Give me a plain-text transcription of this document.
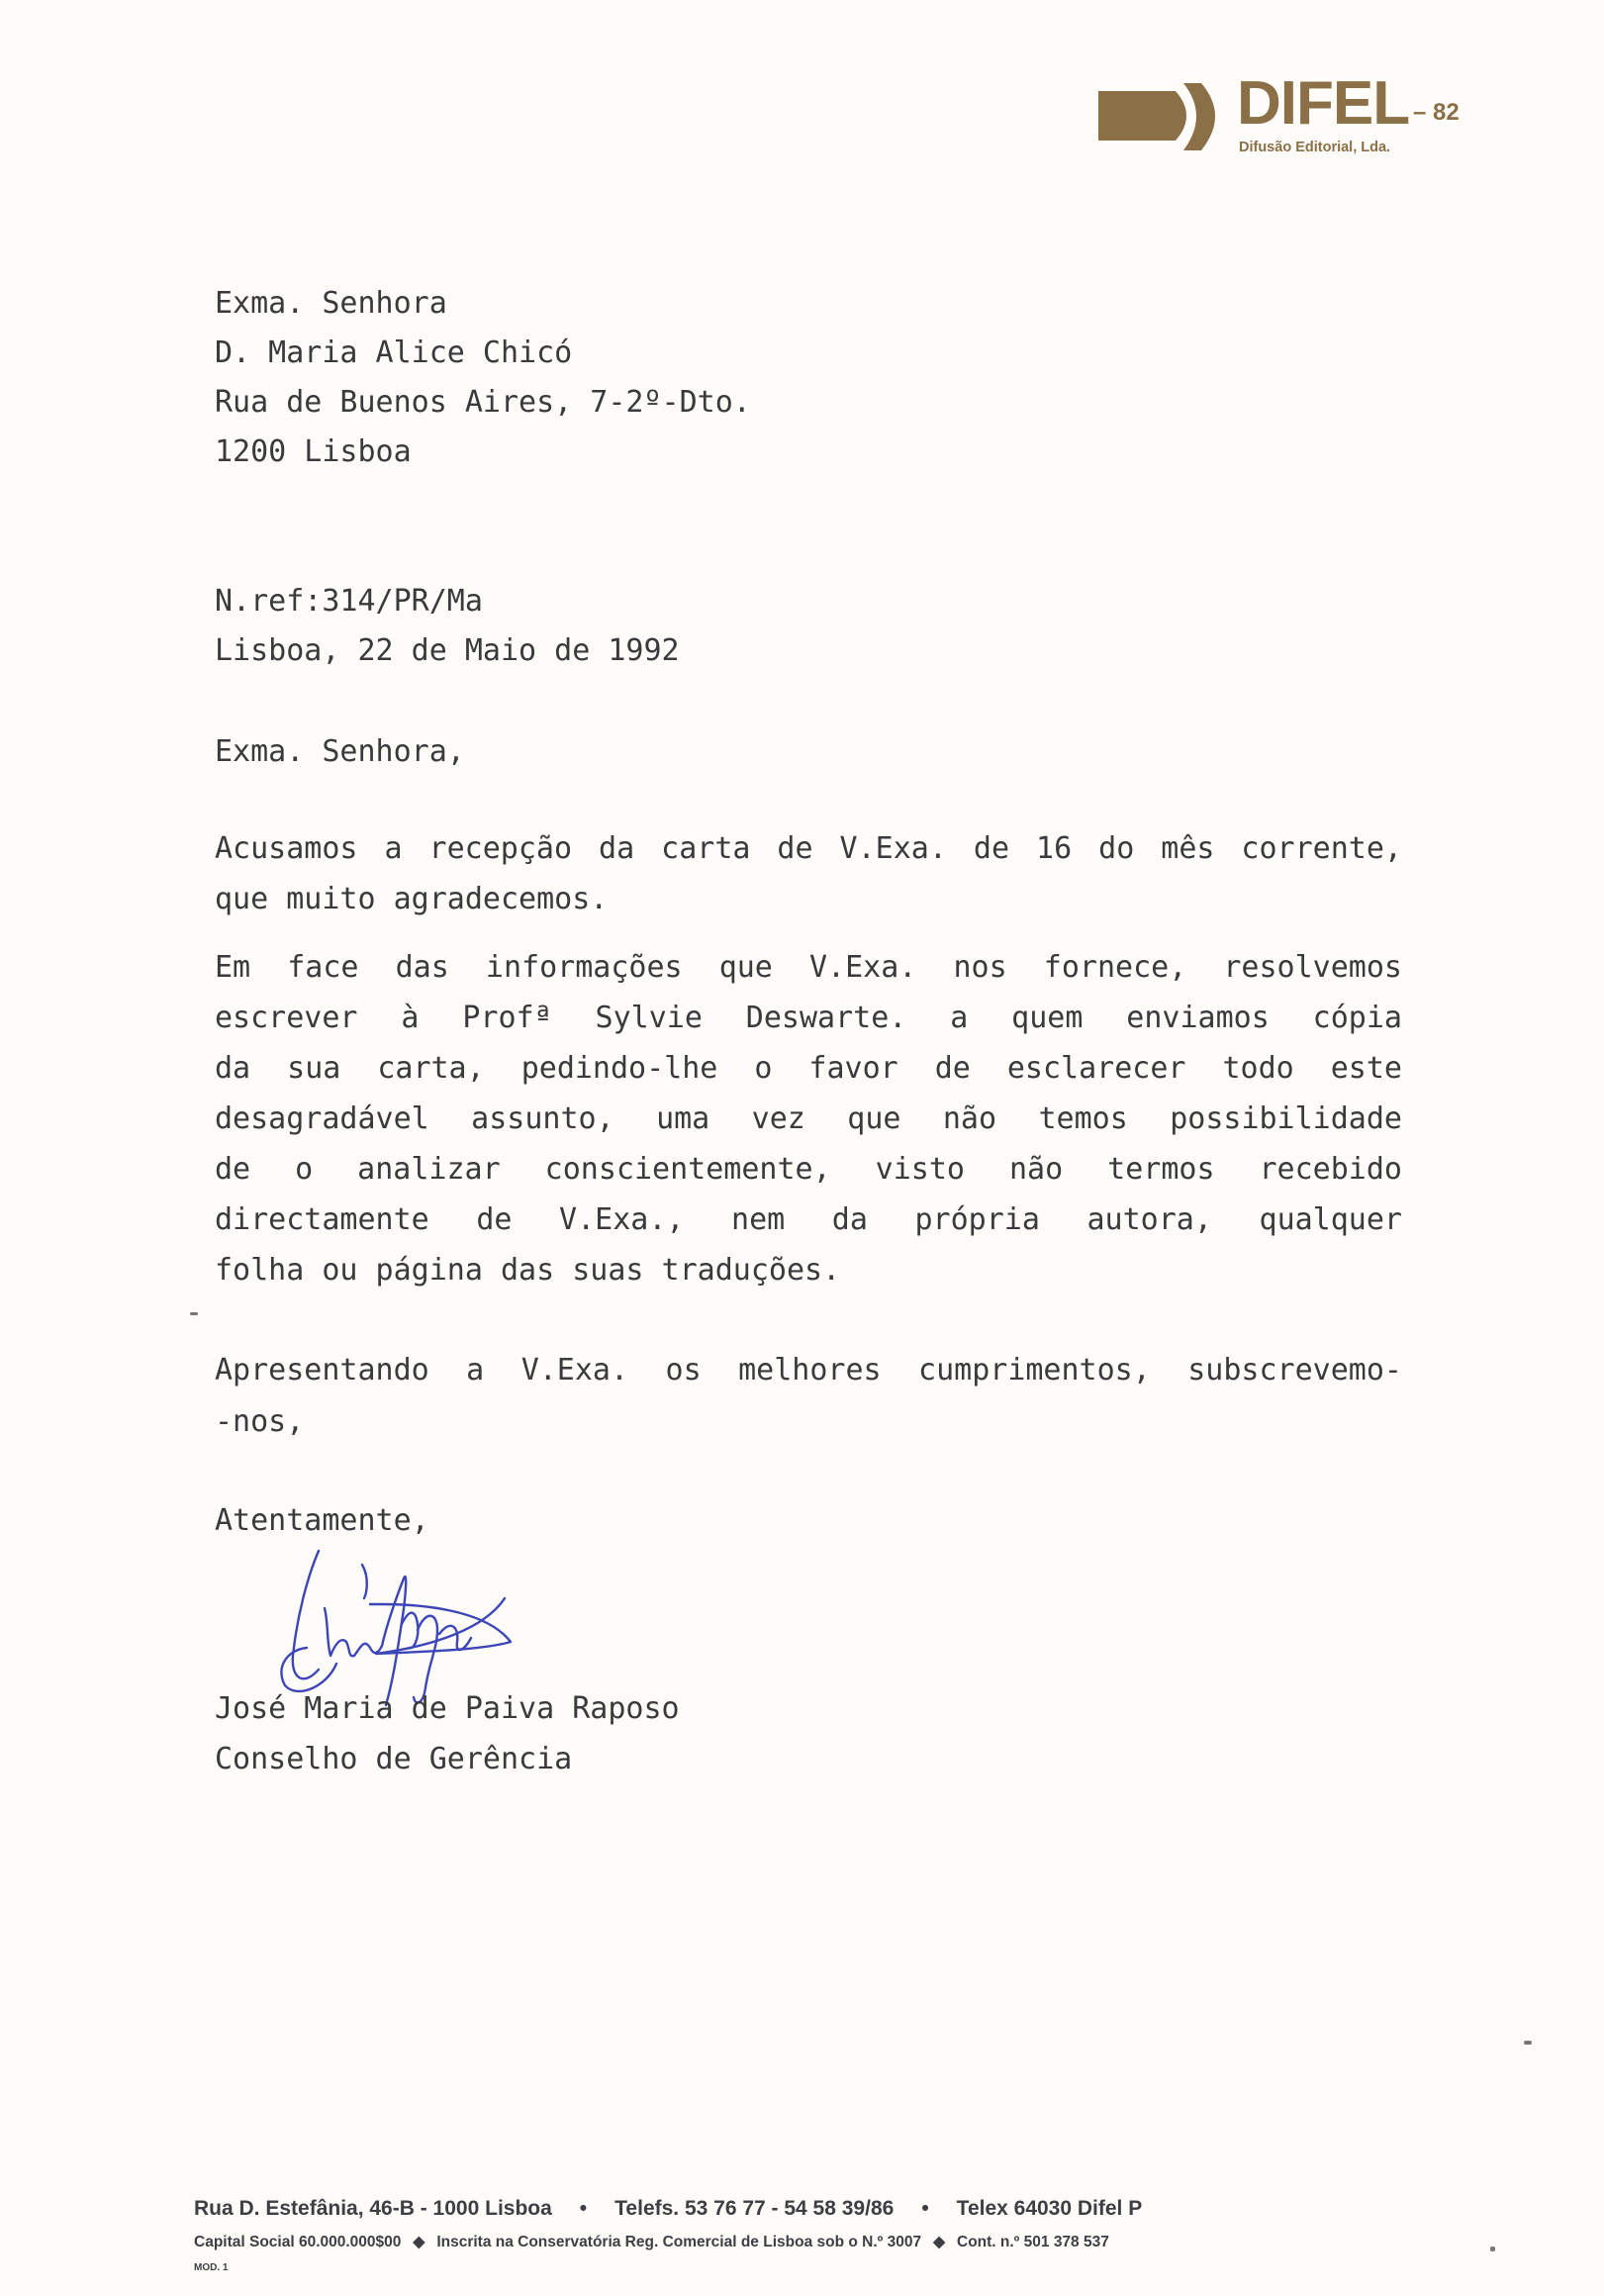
DIFEL – 82
Difusão Editorial, Lda.
Exma. Senhora
D. Maria Alice Chicó
Rua de Buenos Aires, 7-2º-Dto.
1200 Lisboa
N.ref:314/PR/Ma
Lisboa, 22 de Maio de 1992
Exma. Senhora,
Acusamos a recepção da carta de V.Exa. de 16 do mês corrente,
que muito agradecemos.
Em face das informações que V.Exa. nos fornece, resolvemos
escrever à Profª Sylvie Deswarte. a quem enviamos cópia
da sua carta, pedindo-lhe o favor de esclarecer todo este
desagradável assunto, uma vez que não temos possibilidade
de o analizar conscientemente, visto não termos recebido
directamente de V.Exa., nem da própria autora, qualquer
folha ou página das suas traduções.
Apresentando a V.Exa. os melhores cumprimentos, subscrevemo-
-nos,
Atentamente,
José Maria de Paiva Raposo
Conselho de Gerência
Rua D. Estefânia, 46-B - 1000 Lisboa • Telefs. 53 76 77 - 54 58 39/86 • Telex 64030 Difel P
Capital Social 60.000.000$00 ◆ Inscrita na Conservatória Reg. Comercial de Lisboa sob o N.º 3007 ◆ Cont. n.º 501 378 537
MOD. 1
